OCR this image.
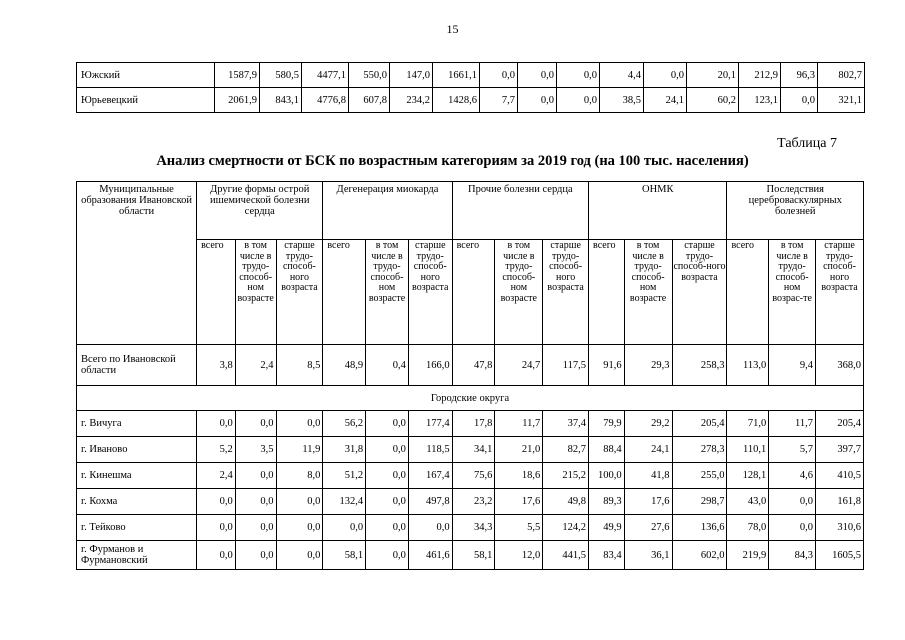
15
Южский	1587,9	580,5	4477,1	550,0	147,0	1661,1	0,0	0,0	0,0	4,4	0,0	20,1	212,9	96,3	802,7
Юрьевецкий	2061,9	843,1	4776,8	607,8	234,2	1428,6	7,7	0,0	0,0	38,5	24,1	60,2	123,1	0,0	321,1
Таблица 7
Анализ смертности от БСК по возрастным категориям за 2019 год (на 100 тыс. населения)
Муниципальные образования Ивановской области	Другие формы острой ишемической болезни сердца			Дегенерация миокарда			Прочие болезни сердца			ОНМК			Последствия цереброваскулярных болезней		
	всего	в том числе в трудо-способ-ном возрасте	старше трудо-способ-ного возраста	всего	в том числе в трудо-способ-ном возрасте	старше трудо-способ-ного возраста	всего	в том числе в трудо-способ-ном возрасте	старше трудо-способ-ного возраста	всего	в том числе в трудо-способ-ном возрасте	старше трудо-способ-ного возраста	всего	в том числе в трудо-способ-ном возрас-те	старше трудо-способ-ного возраста
Всего по Ивановской области	3,8	2,4	8,5	48,9	0,4	166,0	47,8	24,7	117,5	91,6	29,3	258,3	113,0	9,4	368,0
Городские округа															
г. Вичуга	0,0	0,0	0,0	56,2	0,0	177,4	17,8	11,7	37,4	79,9	29,2	205,4	71,0	11,7	205,4
г. Иваново	5,2	3,5	11,9	31,8	0,0	118,5	34,1	21,0	82,7	88,4	24,1	278,3	110,1	5,7	397,7
г. Кинешма	2,4	0,0	8,0	51,2	0,0	167,4	75,6	18,6	215,2	100,0	41,8	255,0	128,1	4,6	410,5
г. Кохма	0,0	0,0	0,0	132,4	0,0	497,8	23,2	17,6	49,8	89,3	17,6	298,7	43,0	0,0	161,8
г. Тейково	0,0	0,0	0,0	0,0	0,0	0,0	34,3	5,5	124,2	49,9	27,6	136,6	78,0	0,0	310,6
г. Фурманов и Фурмановский	0,0	0,0	0,0	58,1	0,0	461,6	58,1	12,0	441,5	83,4	36,1	602,0	219,9	84,3	1605,5
